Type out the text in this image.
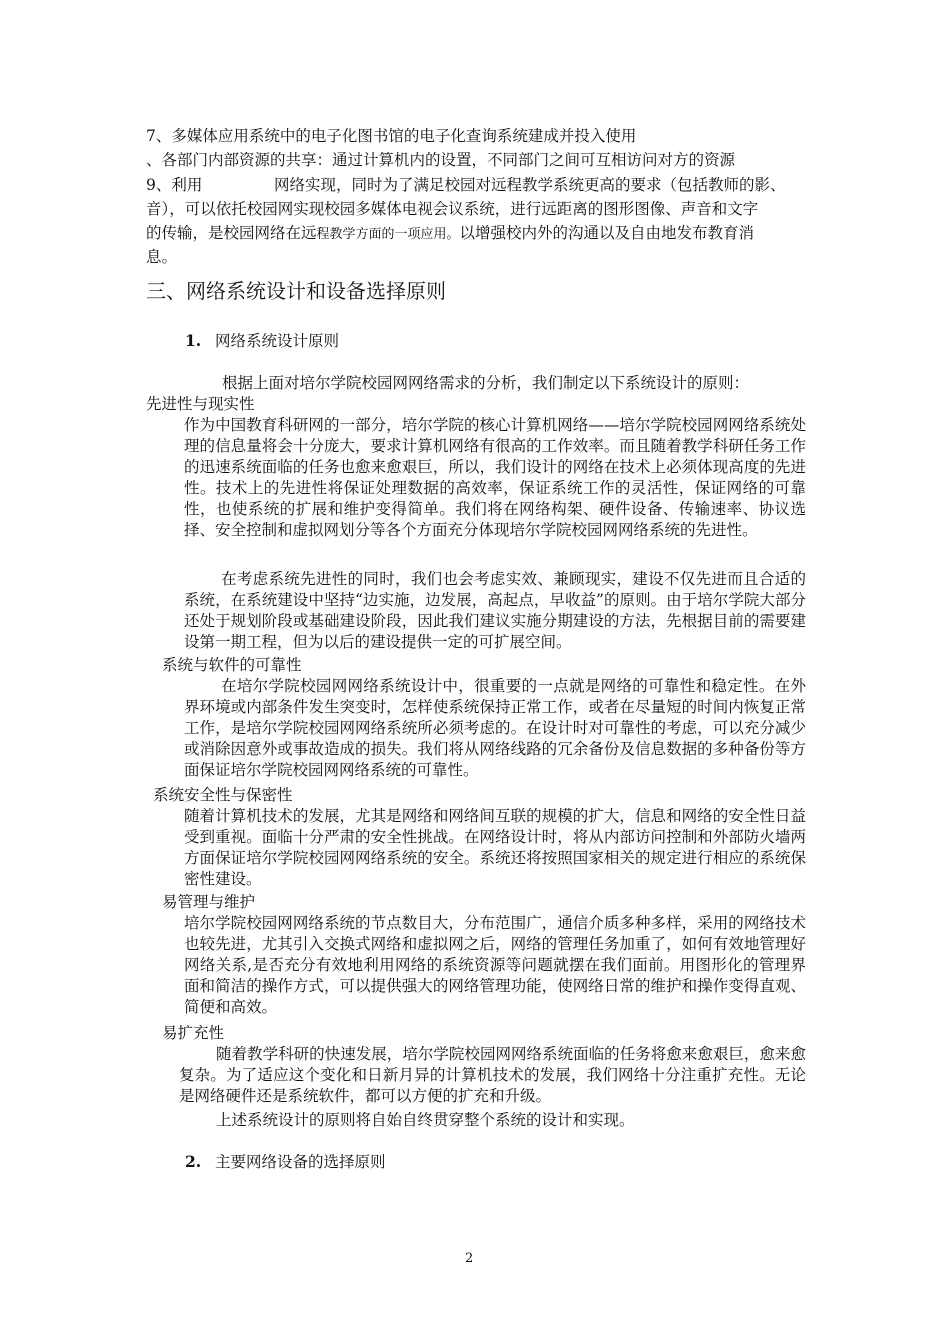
7、多媒体应用系统中的电子化图书馆的电子化查询系统建成并投入使用
、各部门内部资源的共享：通过计算机内的设置，不同部门之间可互相访问对方的资源
9、利用	网络实现，同时为了满足校园对远程教学系统更高的要求（包括教师的影、
音），可以依托校园网实现校园多媒体电视会议系统，进行远距离的图形图像、声音和文字
的传输，是校园网络在远程教学方面的一项应用。以增强校内外的沟通以及自由地发布教育消
息。
三、网络系统设计和设备选择原则
1. 网络系统设计原则
根据上面对培尔学院校园网网络需求的分析，我们制定以下系统设计的原则：
先进性与现实性
作为中国教育科研网的一部分，培尔学院的核心计算机网络——培尔学院校园网网络系统处理的信息量将会十分庞大，要求计算机网络有很高的工作效率。而且随着教学科研任务工作的迅速系统面临的任务也愈来愈艰巨，所以，我们设计的网络在技术上必须体现高度的先进性。技术上的先进性将保证处理数据的高效率，保证系统工作的灵活性，保证网络的可靠性，也使系统的扩展和维护变得简单。我们将在网络构架、硬件设备、传输速率、协议选择、安全控制和虚拟网划分等各个方面充分体现培尔学院校园网网络系统的先进性。
在考虑系统先进性的同时，我们也会考虑实效、兼顾现实，建设不仅先进而且合适的系统，在系统建设中坚持“边实施，边发展，高起点，早收益”的原则。由于培尔学院大部分还处于规划阶段或基础建设阶段，因此我们建议实施分期建设的方法，先根据目前的需要建设第一期工程，但为以后的建设提供一定的可扩展空间。
系统与软件的可靠性
在培尔学院校园网网络系统设计中，很重要的一点就是网络的可靠性和稳定性。在外界环境或内部条件发生突变时，怎样使系统保持正常工作，或者在尽量短的时间内恢复正常工作，是培尔学院校园网网络系统所必须考虑的。在设计时对可靠性的考虑，可以充分减少或消除因意外或事故造成的损失。我们将从网络线路的冗余备份及信息数据的多种备份等方面保证培尔学院校园网网络系统的可靠性。
系统安全性与保密性
随着计算机技术的发展，尤其是网络和网络间互联的规模的扩大，信息和网络的安全性日益受到重视。面临十分严肃的安全性挑战。在网络设计时，将从内部访问控制和外部防火墙两方面保证培尔学院校园网网络系统的安全。系统还将按照国家相关的规定进行相应的系统保密性建设。
易管理与维护
培尔学院校园网网络系统的节点数目大，分布范围广，通信介质多种多样，采用的网络技术也较先进，尤其引入交换式网络和虚拟网之后，网络的管理任务加重了，如何有效地管理好网络关系,是否充分有效地利用网络的系统资源等问题就摆在我们面前。用图形化的管理界面和简洁的操作方式，可以提供强大的网络管理功能，使网络日常的维护和操作变得直观、简便和高效。
易扩充性
随着教学科研的快速发展，培尔学院校园网网络系统面临的任务将愈来愈艰巨，愈来愈复杂。为了适应这个变化和日新月异的计算机技术的发展，我们网络十分注重扩充性。无论是网络硬件还是系统软件，都可以方便的扩充和升级。
上述系统设计的原则将自始自终贯穿整个系统的设计和实现。
2. 主要网络设备的选择原则
2
